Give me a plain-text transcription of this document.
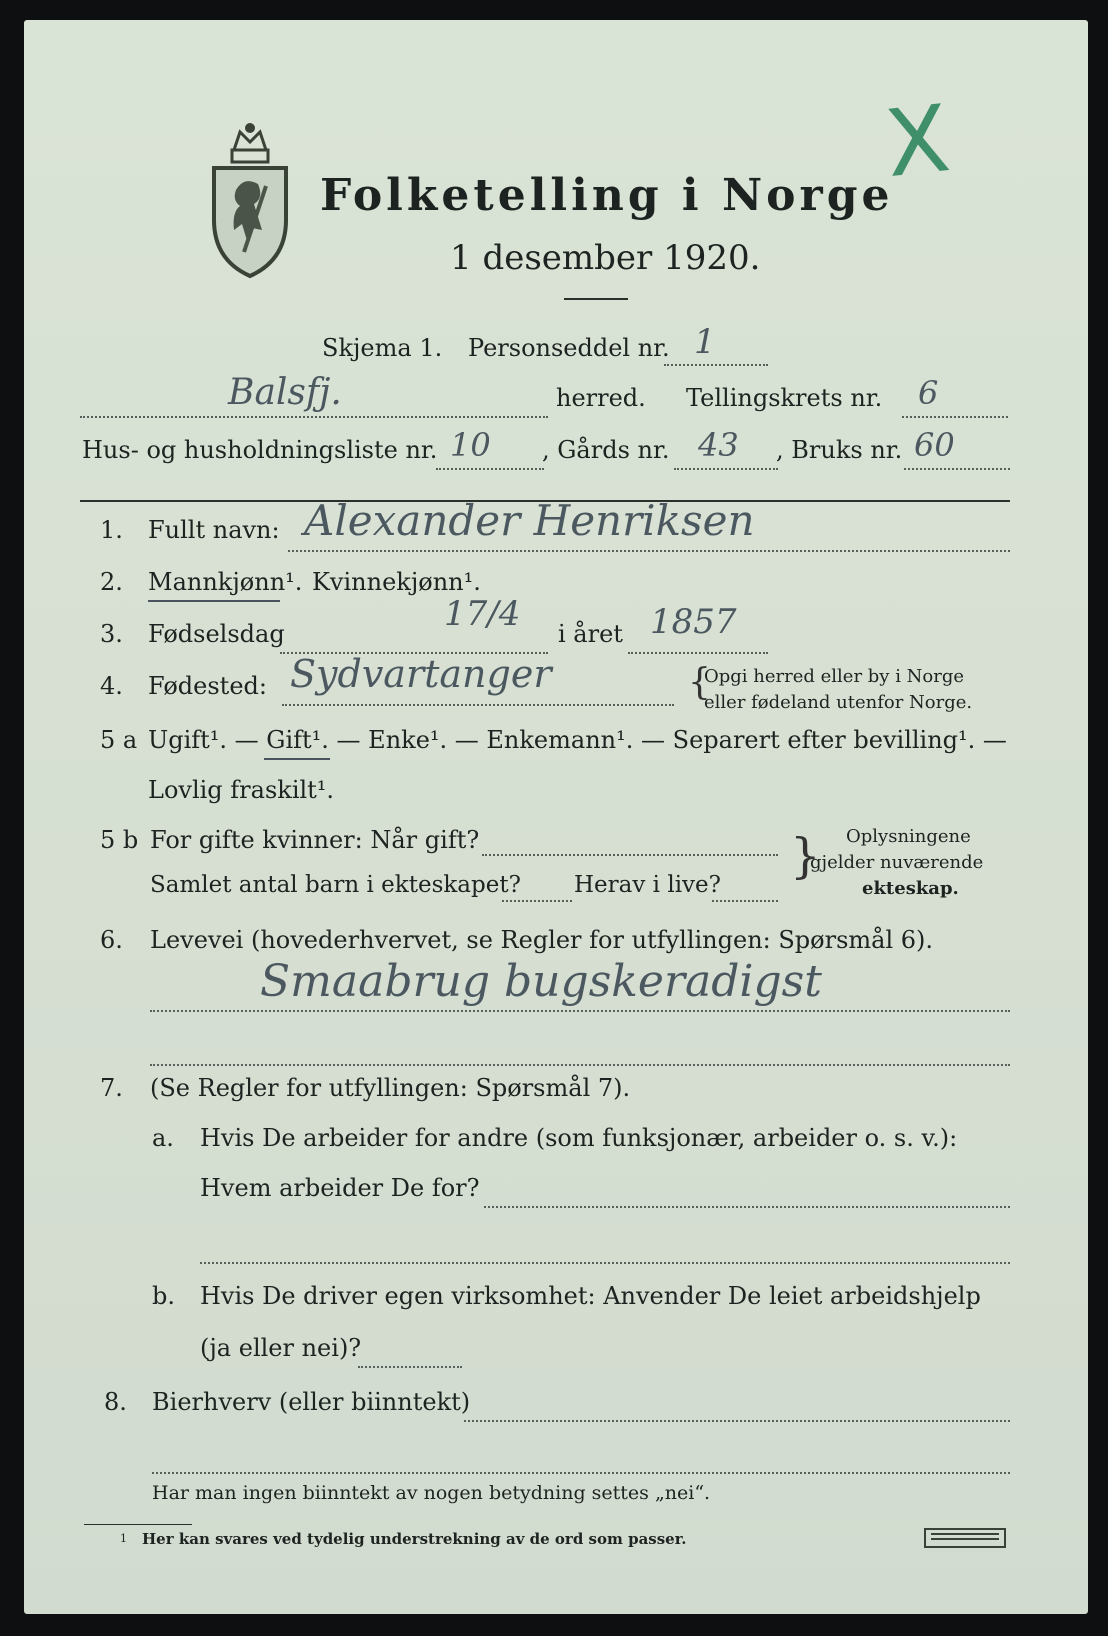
Folketelling i Norge
1 desember 1920.
X
Skjema 1. Personseddel nr. 1
Balsfj.	herred. Tellingskrets nr. 6
Hus- og husholdningsliste nr. 10 , Gårds nr. 43 , Bruks nr. 60
1. Fullt navn: Alexander Henriksen
2. Mannkjønn¹. Kvinnekjønn¹.
3. Fødselsdag	17/4 i året 1857
4. Fødested: Sydvartanger	{
Opgi herred eller by i Norge
eller fødeland utenfor Norge.
5 a Ugift¹. — Gift¹. — Enke¹. — Enkemann¹. — Separert efter bevilling¹. —
Lovlig fraskilt¹.
5 b For gifte kvinner: Når gift?
Samlet antal barn i ekteskapet? Herav i live?
} Oplysningene
gjelder nuværende
ekteskap.
6. Levevei (hovederhvervet, se Regler for utfyllingen: Spørsmål 6).
Smaabrug bugskeradigst
7. (Se Regler for utfyllingen: Spørsmål 7).
a. Hvis De arbeider for andre (som funksjonær, arbeider o. s. v.):
Hvem arbeider De for?
b. Hvis De driver egen virksomhet: Anvender De leiet arbeidshjelp
(ja eller nei)?
8. Bierhverv (eller biinntekt)
Har man ingen biinntekt av nogen betydning settes „nei“.
1 Her kan svares ved tydelig understrekning av de ord som passer.
